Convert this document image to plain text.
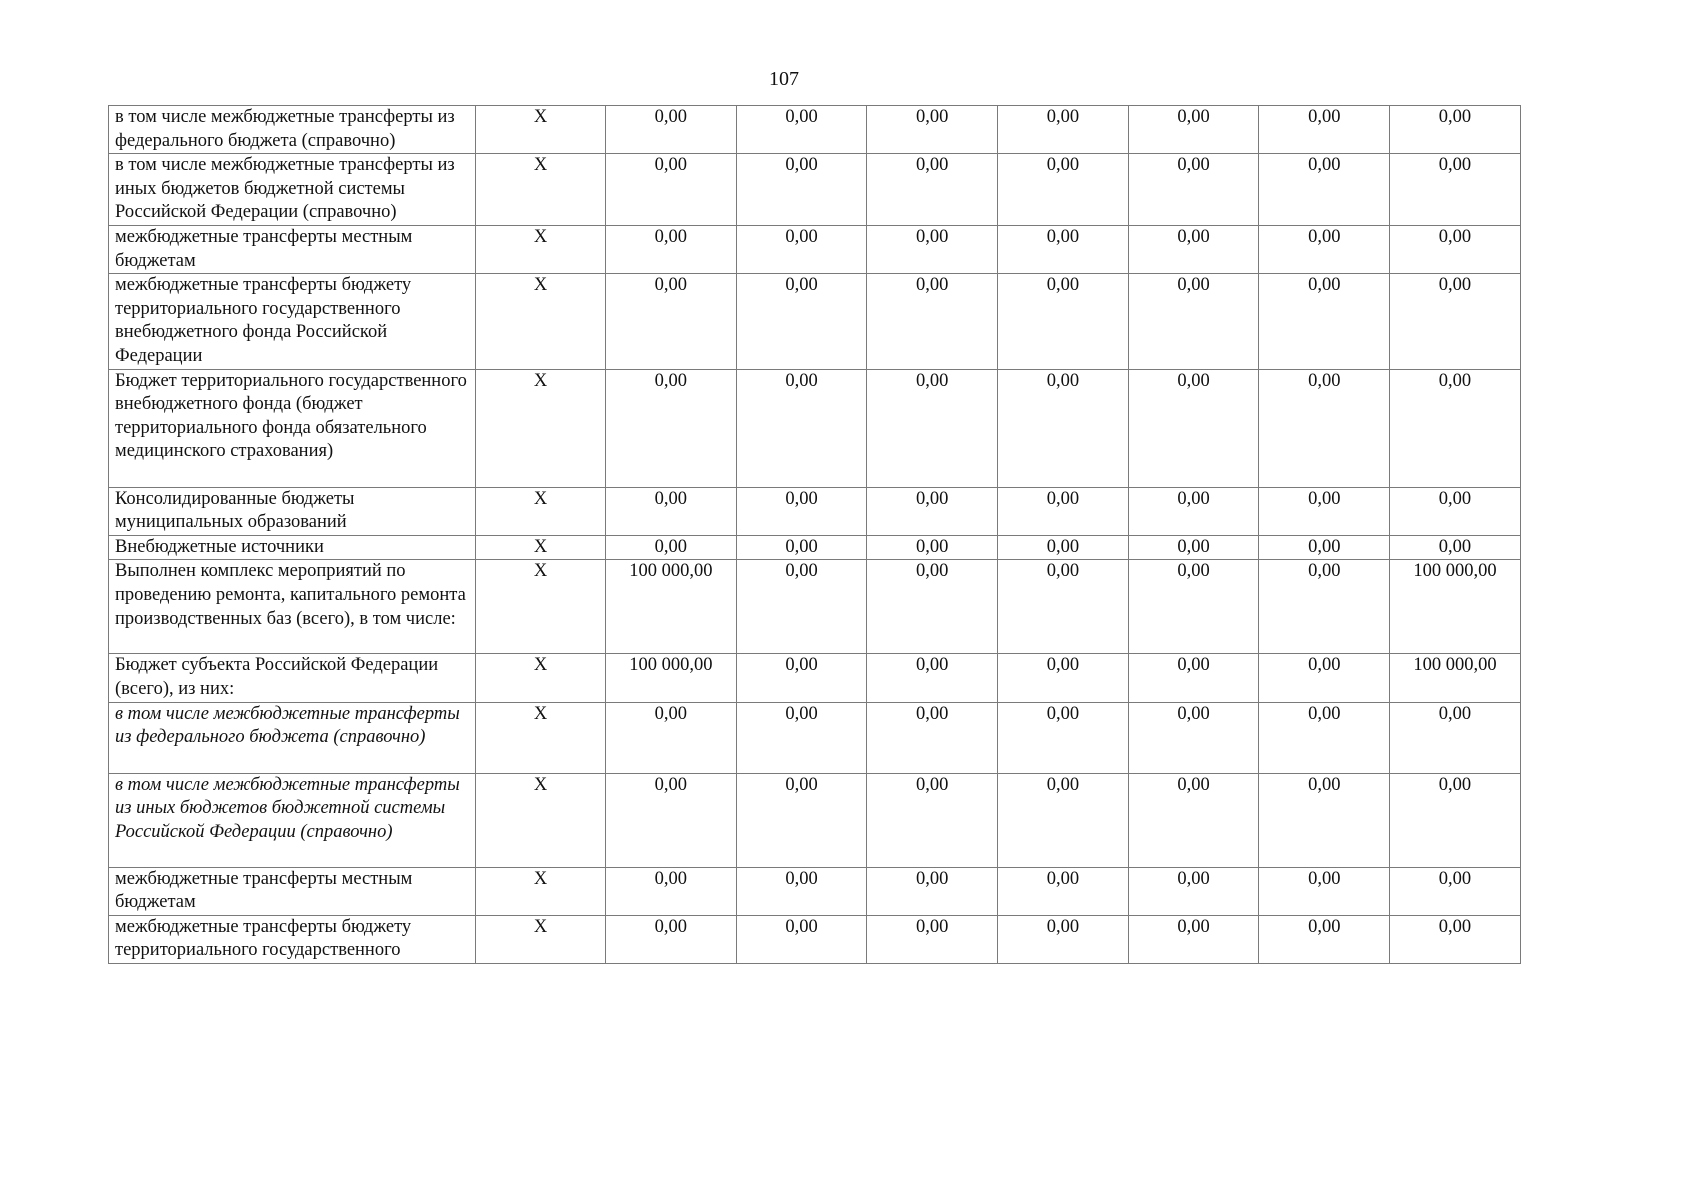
107
в том числе межбюджетные трансферты из федерального бюджета (справочно)	X	0,00	0,00	0,00	0,00	0,00	0,00	0,00
в том числе межбюджетные трансферты из иных бюджетов бюджетной системы Российской Федерации (справочно)	X	0,00	0,00	0,00	0,00	0,00	0,00	0,00
межбюджетные трансферты местным бюджетам	X	0,00	0,00	0,00	0,00	0,00	0,00	0,00
межбюджетные трансферты бюджету территориального государственного внебюджетного фонда Российской Федерации	X	0,00	0,00	0,00	0,00	0,00	0,00	0,00
Бюджет территориального государственного внебюджетного фонда (бюджет территориального фонда обязательного медицинского страхования)	X	0,00	0,00	0,00	0,00	0,00	0,00	0,00
Консолидированные бюджеты муниципальных образований	X	0,00	0,00	0,00	0,00	0,00	0,00	0,00
Внебюджетные источники	X	0,00	0,00	0,00	0,00	0,00	0,00	0,00
Выполнен комплекс мероприятий по проведению ремонта, капитального ремонта производственных баз (всего), в том числе:	X	100 000,00	0,00	0,00	0,00	0,00	0,00	100 000,00
Бюджет субъекта Российской Федерации (всего), из них:	X	100 000,00	0,00	0,00	0,00	0,00	0,00	100 000,00
в том числе межбюджетные трансферты из федерального бюджета (справочно)	X	0,00	0,00	0,00	0,00	0,00	0,00	0,00
в том числе межбюджетные трансферты из иных бюджетов бюджетной системы Российской Федерации (справочно)	X	0,00	0,00	0,00	0,00	0,00	0,00	0,00
межбюджетные трансферты местным бюджетам	X	0,00	0,00	0,00	0,00	0,00	0,00	0,00
межбюджетные трансферты бюджету территориального государственного	X	0,00	0,00	0,00	0,00	0,00	0,00	0,00
